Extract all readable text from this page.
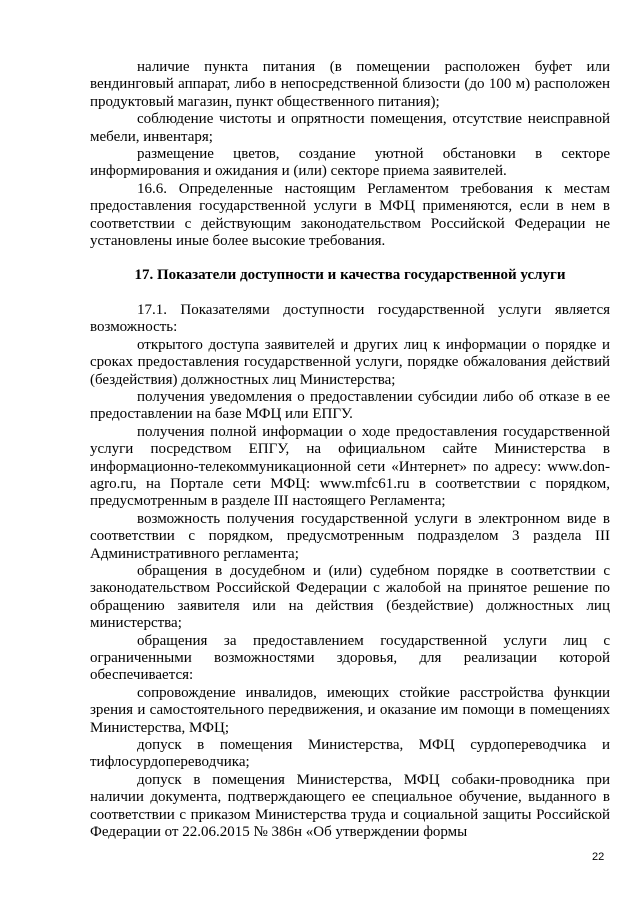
наличие пункта питания (в помещении расположен буфет или вендинговый аппарат, либо в непосредственной близости (до 100 м) расположен продуктовый магазин, пункт общественного питания);

соблюдение чистоты и опрятности помещения, отсутствие неисправной мебели, инвентаря;

размещение цветов, создание уютной обстановки в секторе информирования и ожидания и (или) секторе приема заявителей.

16.6. Определенные настоящим Регламентом требования к местам предоставления государственной услуги в МФЦ применяются, если в нем в соответствии с действующим законодательством Российской Федерации не установлены иные более высокие требования.

17. Показатели доступности и качества государственной услуги

17.1. Показателями доступности государственной услуги является возможность:

открытого доступа заявителей и других лиц к информации о порядке и сроках предоставления государственной услуги, порядке обжалования действий (бездействия) должностных лиц Министерства;

получения уведомления о предоставлении субсидии либо об отказе в ее предоставлении на базе МФЦ или ЕПГУ.

получения полной информации о ходе предоставления государственной услуги посредством ЕПГУ, на официальном сайте Министерства в информационно-телекоммуникационной сети «Интернет» по адресу: www.don-agro.ru, на Портале сети МФЦ: www.mfc61.ru в соответствии с порядком, предусмотренным в разделе III настоящего Регламента;

возможность получения государственной услуги в электронном виде в соответствии с порядком, предусмотренным подразделом 3 раздела III Административного регламента;

обращения в досудебном и (или) судебном порядке в соответствии с законодательством Российской Федерации с жалобой на принятое решение по обращению заявителя или на действия (бездействие) должностных лиц министерства;

обращения за предоставлением государственной услуги лиц с ограниченными возможностями здоровья, для реализации которой обеспечивается:

сопровождение инвалидов, имеющих стойкие расстройства функции зрения и самостоятельного передвижения, и оказание им помощи в помещениях Министерства, МФЦ;

допуск в помещения Министерства, МФЦ сурдопереводчика и тифлосурдопереводчика;

допуск в помещения Министерства, МФЦ собаки-проводника при наличии документа, подтверждающего ее специальное обучение, выданного в соответствии с приказом Министерства труда и социальной защиты Российской Федерации от 22.06.2015 № 386н «Об утверждении формы

22
